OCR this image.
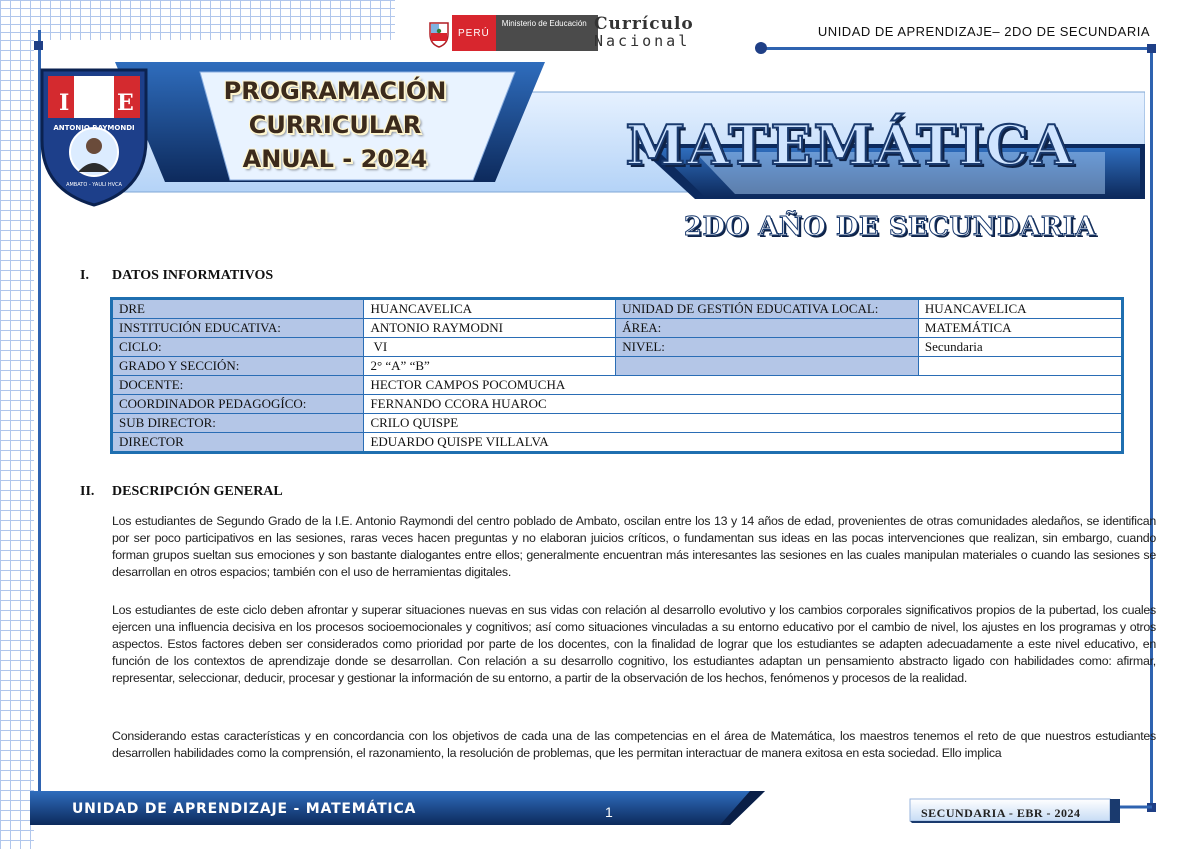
PERÚ
Ministerio de Educación Currículo
Nacional
UNIDAD DE APRENDIZAJE– 2DO DE SECUNDARIA
I E
ANTONIO RAYMONDI
AMBATO - YAULI HVCA
PROGRAMACIÓN
CURRICULAR
ANUAL - 2024	MATEMÁTICA
2DO AÑO DE SECUNDARIA
I. DATOS INFORMATIVOS
DRE	HUANCAVELICA	UNIDAD DE GESTIÓN EDUCATIVA LOCAL:	HUANCAVELICA
INSTITUCIÓN EDUCATIVA:	ANTONIO RAYMODNI	ÁREA:	MATEMÁTICA
CICLO:	VI	NIVEL:	Secundaria
GRADO Y SECCIÓN:	2° “A” “B”		
DOCENTE:	HECTOR CAMPOS POCOMUCHA		
COORDINADOR PEDAGOGÍCO:	FERNANDO CCORA HUAROC		
SUB DIRECTOR:	CRILO QUISPE		
DIRECTOR	EDUARDO QUISPE VILLALVA		
II. DESCRIPCIÓN GENERAL
Los estudiantes de Segundo Grado de la I.E. Antonio Raymondi del centro poblado de Ambato, oscilan entre los 13 y 14 años de edad, provenientes de otras comunidades aledaños, se identifican por ser poco participativos en las sesiones, raras veces hacen preguntas y no elaboran juicios críticos, o fundamentan sus ideas en las pocas intervenciones que realizan, sin embargo, cuando forman grupos sueltan sus emociones y son bastante dialogantes entre ellos; generalmente encuentran más interesantes las sesiones en las cuales manipulan materiales o cuando las sesiones se desarrollan en otros espacios; también con el uso de herramientas digitales.
Los estudiantes de este ciclo deben afrontar y superar situaciones nuevas en sus vidas con relación al desarrollo evolutivo y los cambios corporales significativos propios de la pubertad, los cuales ejercen una influencia decisiva en los procesos socioemocionales y cognitivos; así como situaciones vinculadas a su entorno educativo por el cambio de nivel, los ajustes en los programas y otros aspectos. Estos factores deben ser considerados como prioridad por parte de los docentes, con la finalidad de lograr que los estudiantes se adapten adecuadamente a este nivel educativo, en función de los contextos de aprendizaje donde se desarrollan. Con relación a su desarrollo cognitivo, los estudiantes adaptan un pensamiento abstracto ligado con habilidades como: afirmar, representar, seleccionar, deducir, procesar y gestionar la información de su entorno, a partir de la observación de los hechos, fenómenos y procesos de la realidad.
Considerando estas características y en concordancia con los objetivos de cada una de las competencias en el área de Matemática, los maestros tenemos el reto de que nuestros estudiantes desarrollen habilidades como la comprensión, el razonamiento, la resolución de problemas, que les permitan interactuar de manera exitosa en esta sociedad. Ello implica
UNIDAD DE APRENDIZAJE - MATEMÁTICA	1	SECUNDARIA - EBR - 2024
